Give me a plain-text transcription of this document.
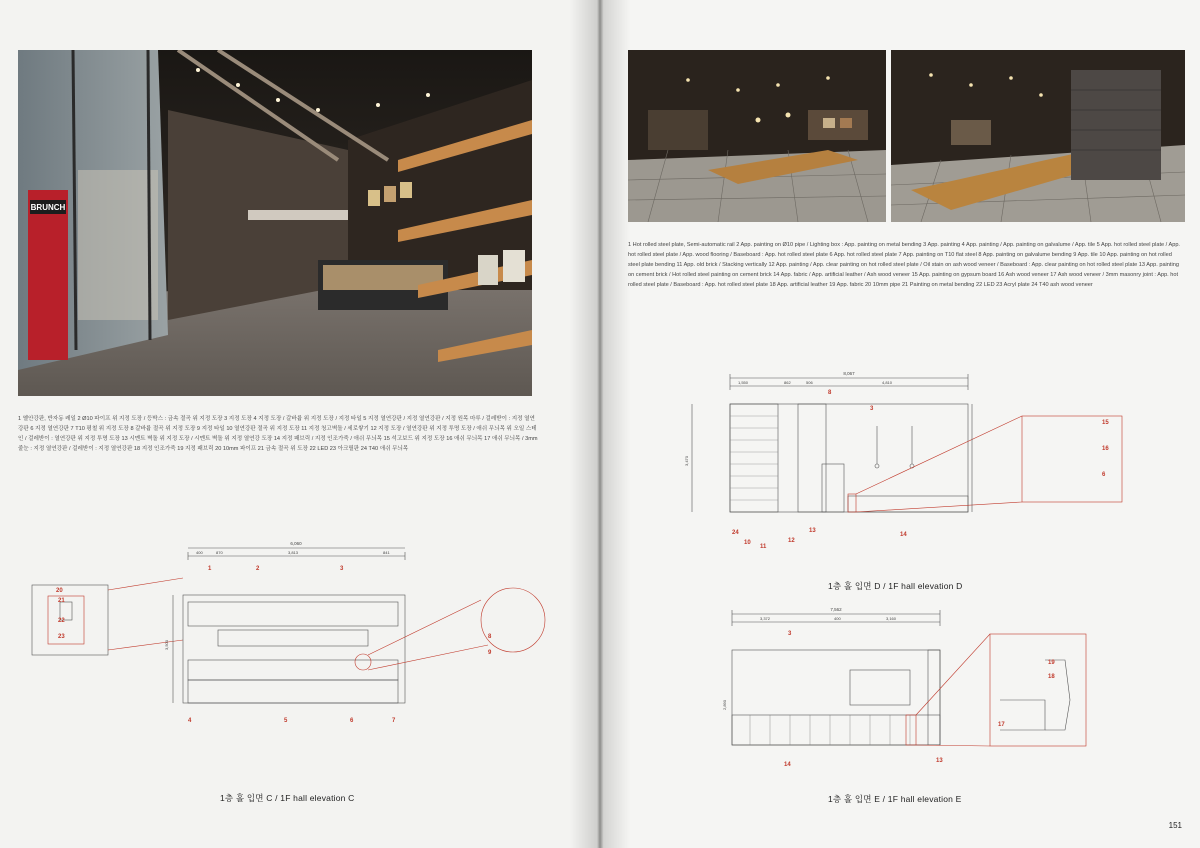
BRUNCH
1 옐안강판, 반자동 레일 2 Ø10 파이프 위 지정 도장 / 등박스 : 금속 절곡 위 지정 도장 3 지정 도장 4 지정 도장 / 갈바륨 위 지정 도장 / 지정 타일 5 지정 열연강판 / 지정 열연강판 / 지정 원목 마루 / 걸레받이 : 지정 열연강판 6 지정 열연강판 7 T10 평철 위 지정 도장 8 갈바륨 절곡 위 지정 도장 9 지정 타일 10 열연강판 절곡 위 지정 도장 11 지정 청고벽돌 / 세로쌓기 12 지정 도장 / 열연강판 위 지정 투명 도장 / 애쉬 무늬목 위 오일 스테인 / 걸레받이 : 열연강판 위 지정 투명 도장 13 시멘트 벽돌 위 지정 도장 / 시멘트 벽돌 위 지정 열연강 도장 14 지정 패브릭 / 지정 인조가죽 / 애쉬 무늬목 15 석고보드 위 지정 도장 16 애쉬 무늬목 17 애쉬 무늬목 / 3mm 줄눈 : 지정 열연강판 / 걸레받이 : 지정 열연강판 18 지정 인조가죽 19 지정 패브릭 20 10mm 파이프 21 금속 절곡 위 도장 22 LED 23 아크릴판 24 T40 애쉬 무늬목
6,060
400	870	3,813	841
3,500
20
21
22
23
1	2	3
4	5	6	7
8
9
1층 홀 입면 C / 1F hall elevation C
1 Hot rolled steel plate, Semi-automatic rail 2 App. painting on Ø10 pipe / Lighting box : App. painting on metal bending 3 App. painting 4 App. painting / App. painting on galvalume / App. tile 5 App. hot rolled steel plate / App. hot rolled steel plate / App. wood flooring / Baseboard : App. hot rolled steel plate 6 App. hot rolled steel plate 7 App. painting on T10 flat steel 8 App. painting on galvalume bending 9 App. tile 10 App. painting on hot rolled steel plate bending 11 App. old brick / Stacking vertically 12 App. painting / App. clear painting on hot rolled steel plate / Oil stain on ash wood veneer / Baseboard : App. clear painting on hot rolled steel plate 13 App. painting on cement brick / Hot rolled steel painting on cement brick 14 App. fabric / App. artificial leather / Ash wood veneer 15 App. painting on gypsum board 16 Ash wood veneer 17 Ash wood veneer / 3mm masonry joint : App. hot rolled steel plate / Baseboard : App. hot rolled steel plate 18 App. artificial leather 19 App. fabric 20 10mm pipe 21 Painting on metal bending 22 LED 23 Acryl plate 24 T40 ash wood veneer
8,067
1,550	862	506	4,810
3,470
15
16
6
24
10
11
12
13
14
8
3
1층 홀 입면 D / 1F hall elevation D
7,562
3,372	400	3,160
2,890
3
14
13
17
18
19
1층 홀 입면 E / 1F hall elevation E
151
